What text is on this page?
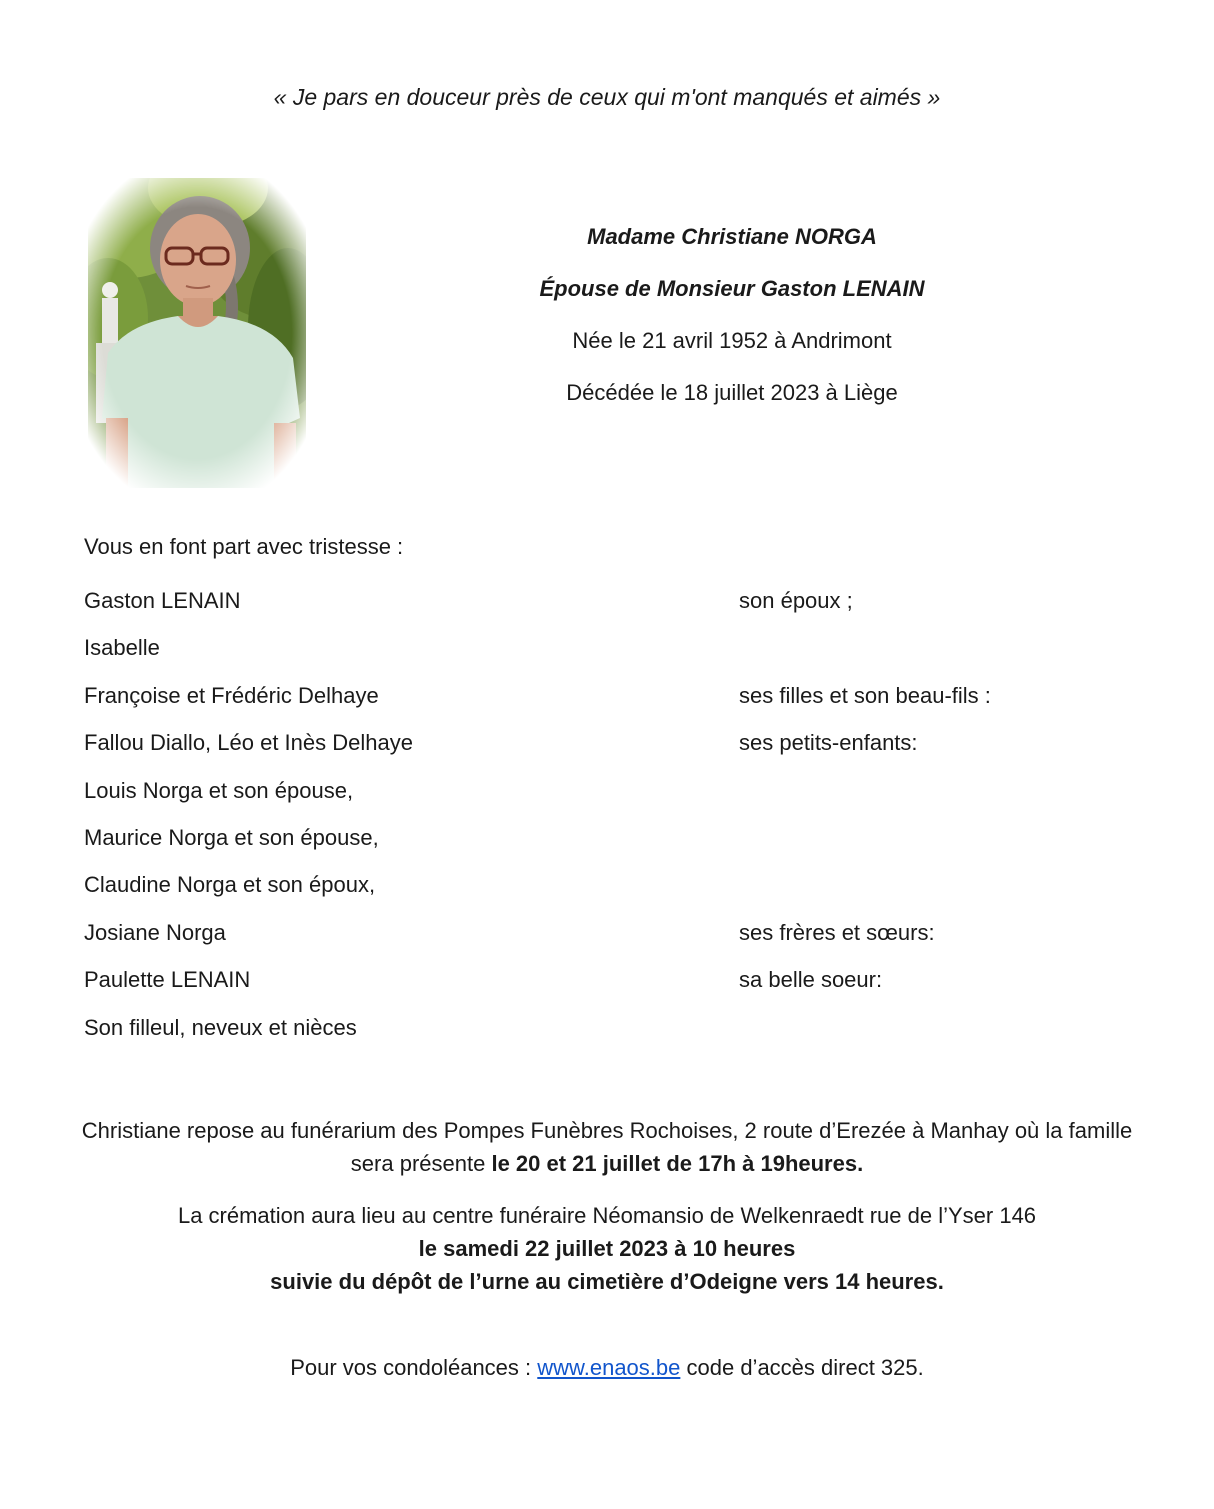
« Je pars en douceur près de ceux qui m'ont manqués et aimés »
Madame Christiane NORGA
Épouse de Monsieur Gaston LENAIN
Née le 21 avril 1952 à Andrimont
Décédée le 18 juillet 2023 à Liège
Vous en font part avec tristesse :
Gaston LENAIN	son époux ;
Isabelle
Françoise et Frédéric Delhaye	ses filles et son beau-fils :
Fallou Diallo, Léo et Inès Delhaye	ses petits-enfants:
Louis Norga et son épouse,
Maurice Norga et son épouse,
Claudine Norga et son époux,
Josiane Norga	ses frères et sœurs:
Paulette LENAIN	sa belle soeur:
Son filleul, neveux et nièces
Christiane repose au funérarium des Pompes Funèbres Rochoises, 2 route d’Erezée à Manhay où la famille sera présente le 20 et 21 juillet de 17h à 19heures.
La crémation aura lieu au centre funéraire Néomansio de Welkenraedt rue de l’Yser 146
le samedi 22 juillet 2023 à 10 heures
suivie du dépôt de l’urne au cimetière d’Odeigne vers 14 heures.
Pour vos condoléances : www.enaos.be code d’accès direct 325.
